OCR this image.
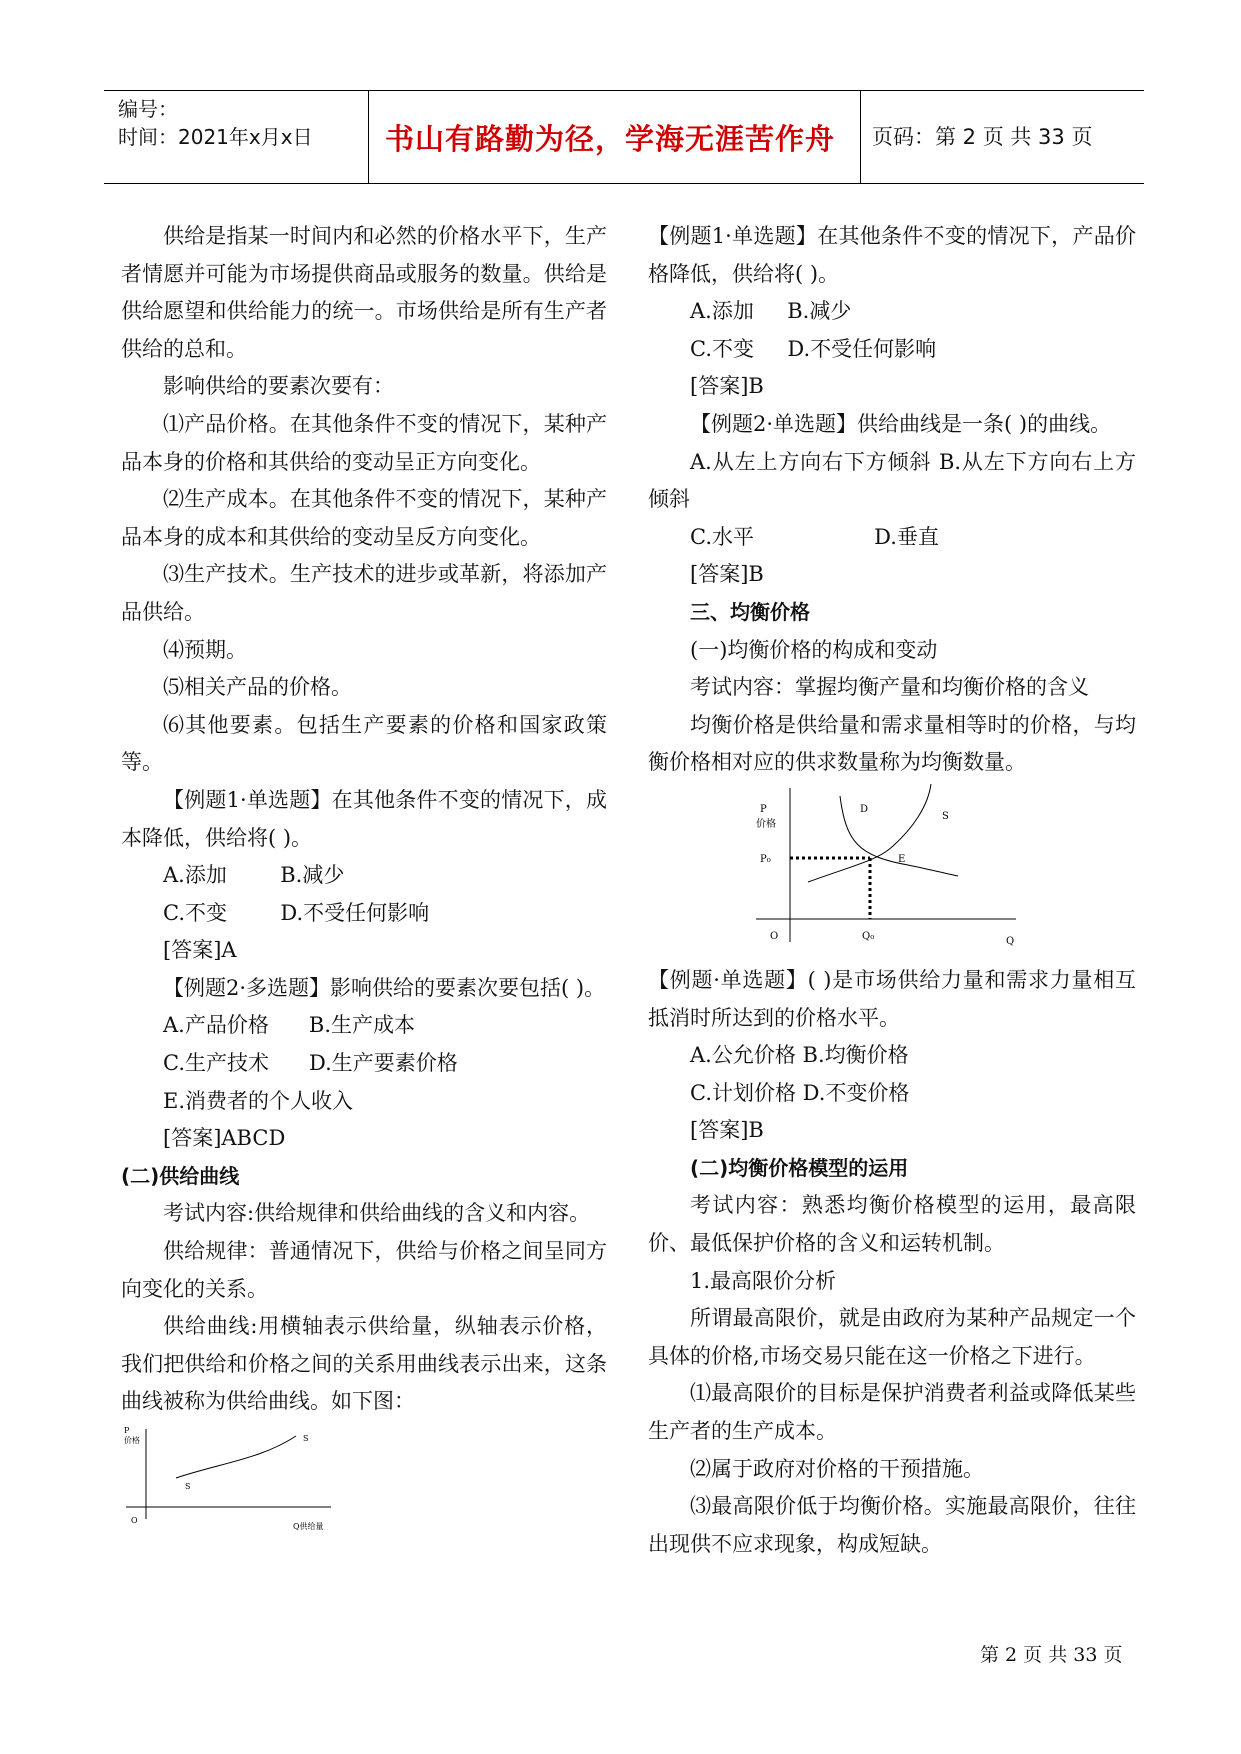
编号：
时间：2021年x月x日	书山有路勤为径，学海无涯苦作舟	页码：第 2 页 共 33 页

供给是指某一时间内和必然的价格水平下，生产者情愿并可能为市场提供商品或服务的数量。供给是供给愿望和供给能力的统一。市场供给是所有生产者供给的总和。

影响供给的要素次要有：

⑴产品价格。在其他条件不变的情况下，某种产品本身的价格和其供给的变动呈正方向变化。

⑵生产成本。在其他条件不变的情况下，某种产品本身的成本和其供给的变动呈反方向变化。

⑶生产技术。生产技术的进步或革新，将添加产品供给。

⑷预期。

⑸相关产品的价格。

⑹其他要素。包括生产要素的价格和国家政策等。

【例题1·单选题】在其他条件不变的情况下，成本降低，供给将( )。

A.添加        B.减少

C.不变        D.不受任何影响

[答案]A

【例题2·多选题】影响供给的要素次要包括( )。

A.产品价格      B.生产成本

C.生产技术      D.生产要素价格

E.消费者的个人收入

[答案]ABCD

(二)供给曲线

考试内容:供给规律和供给曲线的含义和内容。

供给规律：普通情况下，供给与价格之间呈同方向变化的关系。

供给曲线:用横轴表示供给量，纵轴表示价格，我们把供给和价格之间的关系用曲线表示出来，这条曲线被称为供给曲线。如下图：

P
价格	S
S
O
Q供给量

【例题1·单选题】在其他条件不变的情况下，产品价格降低，供给将( )。

A.添加     B.减少

C.不变     D.不受任何影响

[答案]B

【例题2·单选题】供给曲线是一条( )的曲线。

A.从左上方向右下方倾斜 B.从左下方向右上方倾斜

C.水平                  D.垂直

[答案]B

三、均衡价格

(一)均衡价格的构成和变动

考试内容：掌握均衡产量和均衡价格的含义

均衡价格是供给量和需求量相等时的价格，与均衡价格相对应的供求数量称为均衡数量。

P
价格
D
S
P₀	E
O	Q₀	Q

【例题·单选题】( )是市场供给力量和需求力量相互抵消时所达到的价格水平。

A.公允价格 B.均衡价格

C.计划价格 D.不变价格

[答案]B

(二)均衡价格模型的运用

考试内容：熟悉均衡价格模型的运用，最高限价、最低保护价格的含义和运转机制。

1.最高限价分析

所谓最高限价，就是由政府为某种产品规定一个具体的价格,市场交易只能在这一价格之下进行。

⑴最高限价的目标是保护消费者利益或降低某些生产者的生产成本。

⑵属于政府对价格的干预措施。

⑶最高限价低于均衡价格。实施最高限价，往往出现供不应求现象，构成短缺。

第 2 页 共 33 页
